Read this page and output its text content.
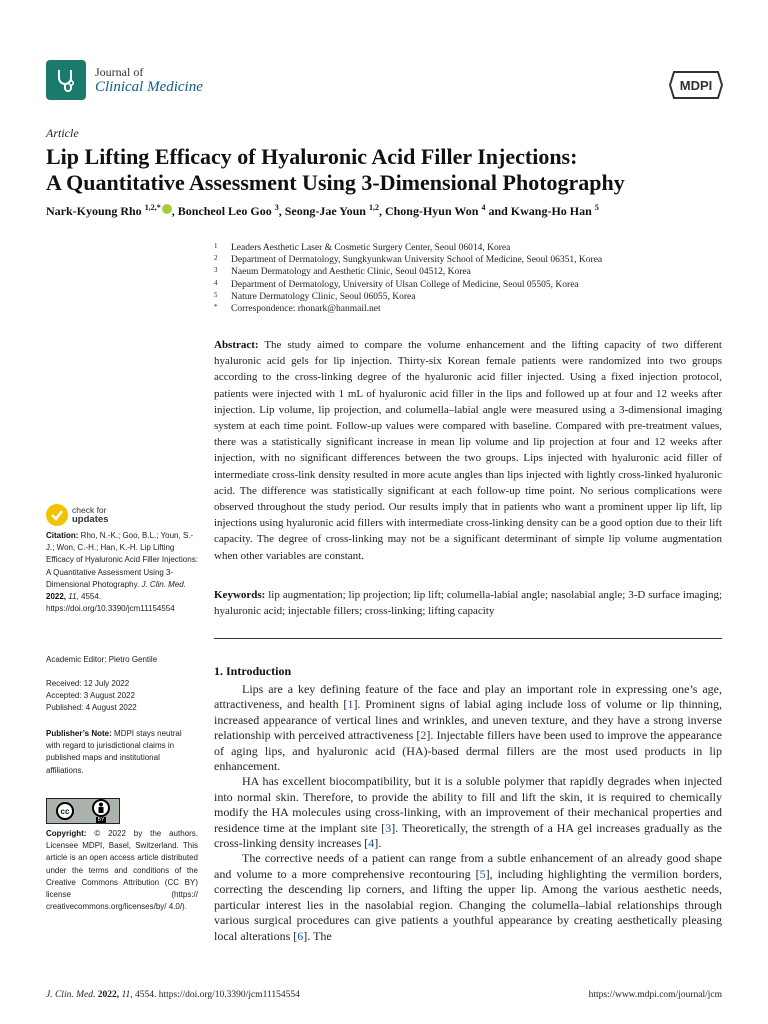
Journal of
Clinical Medicine	MDPI
Article
Lip Lifting Efficacy of Hyaluronic Acid Filler Injections:
A Quantitative Assessment Using 3-Dimensional Photography
Nark-Kyoung Rho $^{1,2,*}$ , Boncheol Leo Goo $^3$, Seong-Jae Youn $^{1,2}$, Chong-Hyun Won $^4$ and Kwang-Ho Han $^5$
1	Leaders Aesthetic Laser & Cosmetic Surgery Center, Seoul 06014, Korea
2	Department of Dermatology, Sungkyunkwan University School of Medicine, Seoul 06351, Korea
3	Naeum Dermatology and Aesthetic Clinic, Seoul 04512, Korea
4	Department of Dermatology, University of Ulsan College of Medicine, Seoul 05505, Korea
5	Nature Dermatology Clinic, Seoul 06055, Korea
*	Correspondence: rhonark@hanmail.net
Abstract: The study aimed to compare the volume enhancement and the lifting capacity of two different hyaluronic acid gels for lip injection. Thirty-six Korean female patients were randomized into two groups according to the cross-linking degree of the hyaluronic acid filler injected. Using a fixed injection protocol, patients were injected with 1 mL of hyaluronic acid filler in the lips and followed up at four and 12 weeks after injection. Lip volume, lip projection, and columella–labial angle were measured using a 3-dimensional imaging system at each time point. Follow-up values were compared with baseline. Compared with pre-treatment values, there was a statistically significant increase in mean lip volume and lip projection at four and 12 weeks after injection, with no significant differences between the two groups. Lips injected with hyaluronic acid filler of intermediate cross-link density resulted in more acute angles than lips injected with lightly cross-linked hyaluronic acid. The difference was statistically significant at each follow-up time point. No serious complications were observed throughout the study period. Our results imply that in patients who want a prominent upper lip lift, lip injections using hyaluronic acid fillers with intermediate cross-linking density can be a good option due to their lift capacity. The degree of cross-linking may not be a significant determinant of simple lip volume augmentation when other variables are constant.
Keywords: lip augmentation; lip projection; lip lift; columella-labial angle; nasolabial angle; 3-D surface imaging; hyaluronic acid; injectable fillers; cross-linking; lifting capacity
1. Introduction

Lips are a key defining feature of the face and play an important role in expressing one’s age, attractiveness, and health [1]. Prominent signs of labial aging include loss of volume or lip thinning, increased appearance of vertical lines and wrinkles, and uneven texture, and they have a strong inverse relationship with perceived attractiveness [2]. Injectable fillers have been used to improve the appearance of aging lips, and hyaluronic acid (HA)-based dermal fillers are the most used products in lip enhancement.

HA has excellent biocompatibility, but it is a soluble polymer that rapidly degrades when injected into normal skin. Therefore, to provide the ability to fill and lift the skin, it is required to chemically modify the HA molecules using cross-linking, with an improvement of their mechanical properties and residence time at the implant site [3]. Theoretically, the strength of a HA gel increases gradually as the cross-linking density increases [4].

The corrective needs of a patient can range from a subtle enhancement of an already good shape and volume to a more comprehensive recontouring [5], including highlighting the vermilion borders, correcting the descending lip corners, and lifting the upper lip. Among the various aesthetic needs, particular interest lies in the nasolabial region. Changing the columella–labial relationships through various surgical procedures can give patients a youthful appearance by creating aesthetically pleasing local alterations [6]. The

check for
updates
Citation: Rho, N.-K.; Goo, B.L.; Youn, S.-J.; Won, C.-H.; Han, K.-H. Lip Lifting Efficacy of Hyaluronic Acid Filler Injections: A Quantitative Assessment Using 3-Dimensional Photography. J. Clin. Med. 2022, 11, 4554. https://doi.org/10.3390/jcm11154554
Academic Editor: Pietro Gentile
Received: 12 July 2022
Accepted: 3 August 2022
Published: 4 August 2022
Publisher’s Note: MDPI stays neutral with regard to jurisdictional claims in published maps and institutional affiliations.
cc
BY
Copyright: © 2022 by the authors. Licensee MDPI, Basel, Switzerland. This article is an open access article distributed under the terms and conditions of the Creative Commons Attribution (CC BY) license (https:// creativecommons.org/licenses/by/ 4.0/).
J. Clin. Med. 2022, 11, 4554. https://doi.org/10.3390/jcm11154554	https://www.mdpi.com/journal/jcm
